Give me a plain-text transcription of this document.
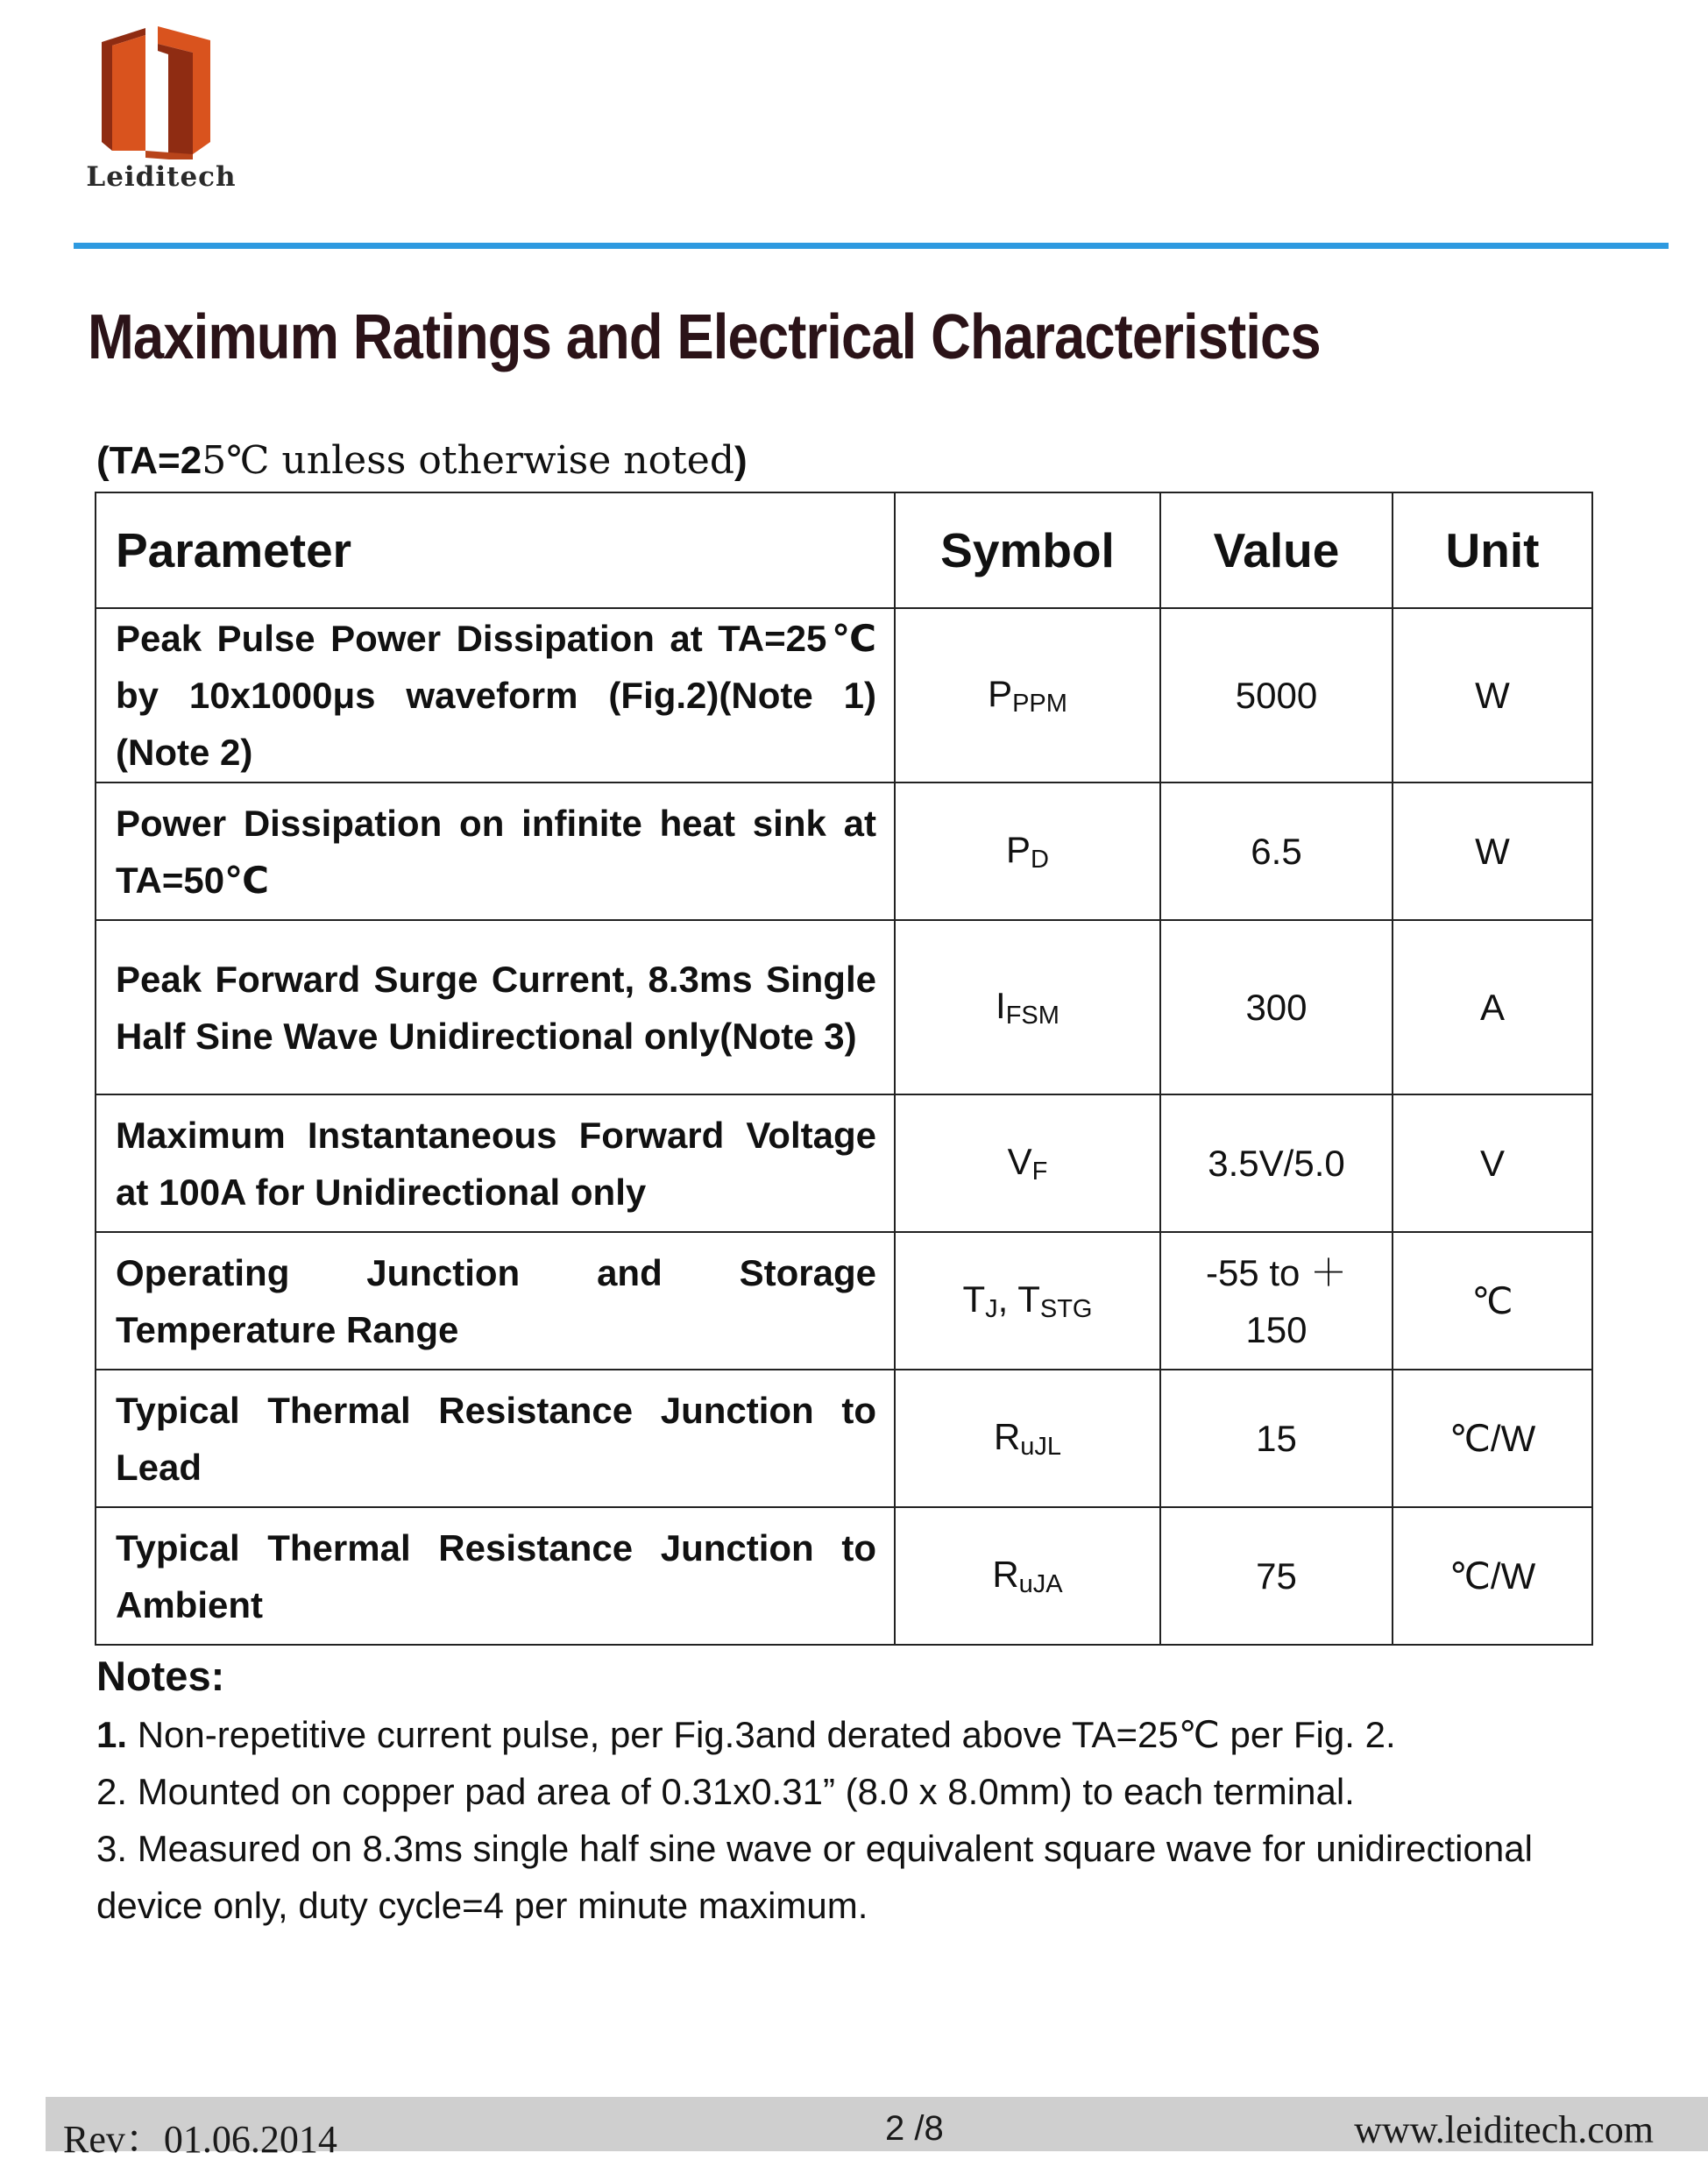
Leiditech
Maximum Ratings and Electrical Characteristics
(TA=25℃ unless otherwise noted)
Parameter	Symbol	Value	Unit
Peak Pulse Power Dissipation at TA=25℃ by 10x1000μs waveform (Fig.2)(Note 1) (Note 2)	PPPM	5000	W
Power Dissipation on infinite heat sink at TA=50℃	PD	6.5	W
Peak Forward Surge Current, 8.3ms Single Half Sine Wave Unidirectional only(Note 3)	IFSM	300	A
Maximum Instantaneous Forward Voltage at 100A for Unidirectional only	VF	3.5V/5.0	V
Operating Junction and Storage Temperature Range	TJ, TSTG	-55 to ＋ 150	℃
Typical Thermal Resistance Junction to Lead	RuJL	15	℃/W
Typical Thermal Resistance Junction to Ambient	RuJA	75	℃/W
Notes:
1. Non-repetitive current pulse, per Fig.3and derated above TA=25℃ per Fig. 2.
2. Mounted on copper pad area of 0.31x0.31” (8.0 x 8.0mm) to each terminal.
3. Measured on 8.3ms single half sine wave or equivalent square wave for unidirectional
device only, duty cycle=4 per minute maximum.
Rev：01.06.2014	2 /8	www.leiditech.com
